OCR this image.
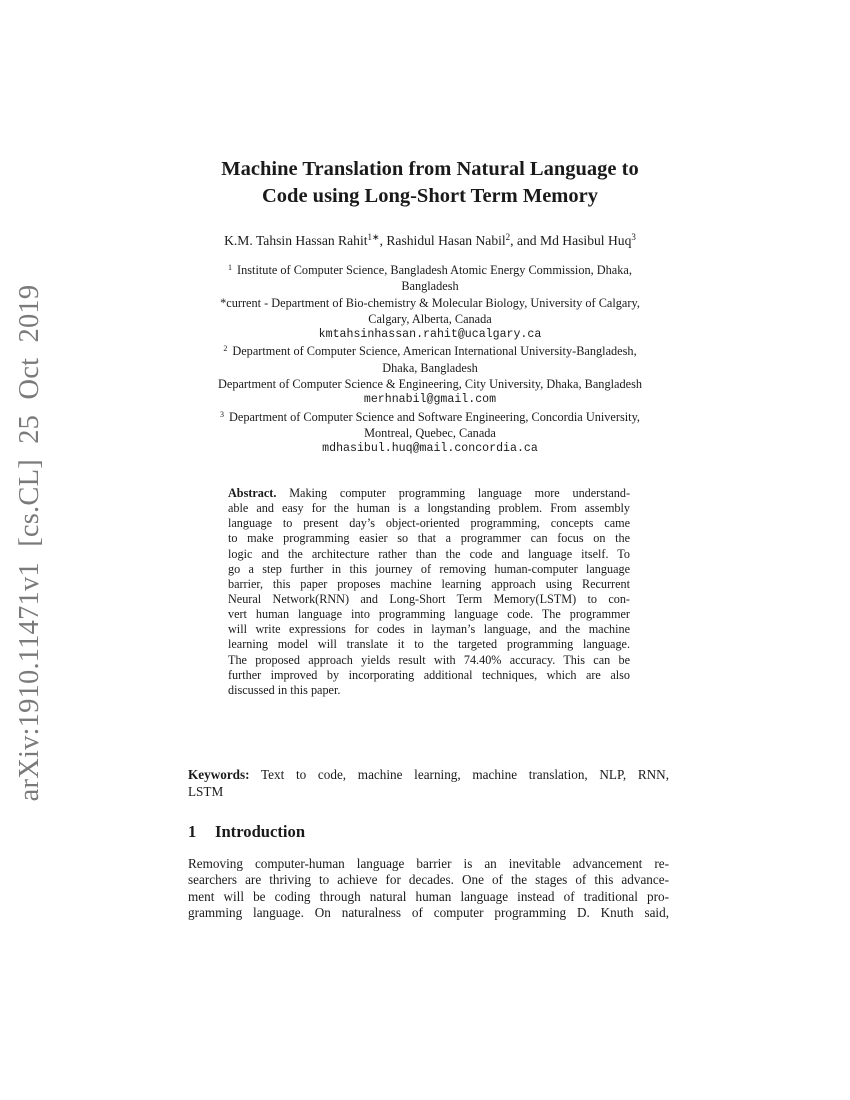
arXiv:1910.11471v1 [cs.CL] 25 Oct 2019
Machine Translation from Natural Language to
Code using Long-Short Term Memory
K.M. Tahsin Hassan Rahit$^{1∗}$, Rashidul Hasan Nabil$^2$, and Md Hasibul Huq$^3$
$^1$ Institute of Computer Science, Bangladesh Atomic Energy Commission, Dhaka,
Bangladesh
*current - Department of Bio-chemistry & Molecular Biology, University of Calgary,
Calgary, Alberta, Canada
kmtahsinhassan.rahit@ucalgary.ca
$^2$ Department of Computer Science, American International University-Bangladesh,
Dhaka, Bangladesh
Department of Computer Science & Engineering, City University, Dhaka, Bangladesh
merhnabil@gmail.com
$^3$ Department of Computer Science and Software Engineering, Concordia University,
Montreal, Quebec, Canada
mdhasibul.huq@mail.concordia.ca
Abstract. Making computer programming language more understand-
able and easy for the human is a longstanding problem. From assembly
language to present day’s object-oriented programming, concepts came
to make programming easier so that a programmer can focus on the
logic and the architecture rather than the code and language itself. To
go a step further in this journey of removing human-computer language
barrier, this paper proposes machine learning approach using Recurrent
Neural Network(RNN) and Long-Short Term Memory(LSTM) to con-
vert human language into programming language code. The programmer
will write expressions for codes in layman’s language, and the machine
learning model will translate it to the targeted programming language.
The proposed approach yields result with 74.40% accuracy. This can be
further improved by incorporating additional techniques, which are also
discussed in this paper.
Keywords: Text to code, machine learning, machine translation, NLP, RNN,
LSTM
1 Introduction
Removing computer-human language barrier is an inevitable advancement re-
searchers are thriving to achieve for decades. One of the stages of this advance-
ment will be coding through natural human language instead of traditional pro-
gramming language. On naturalness of computer programming D. Knuth said,
